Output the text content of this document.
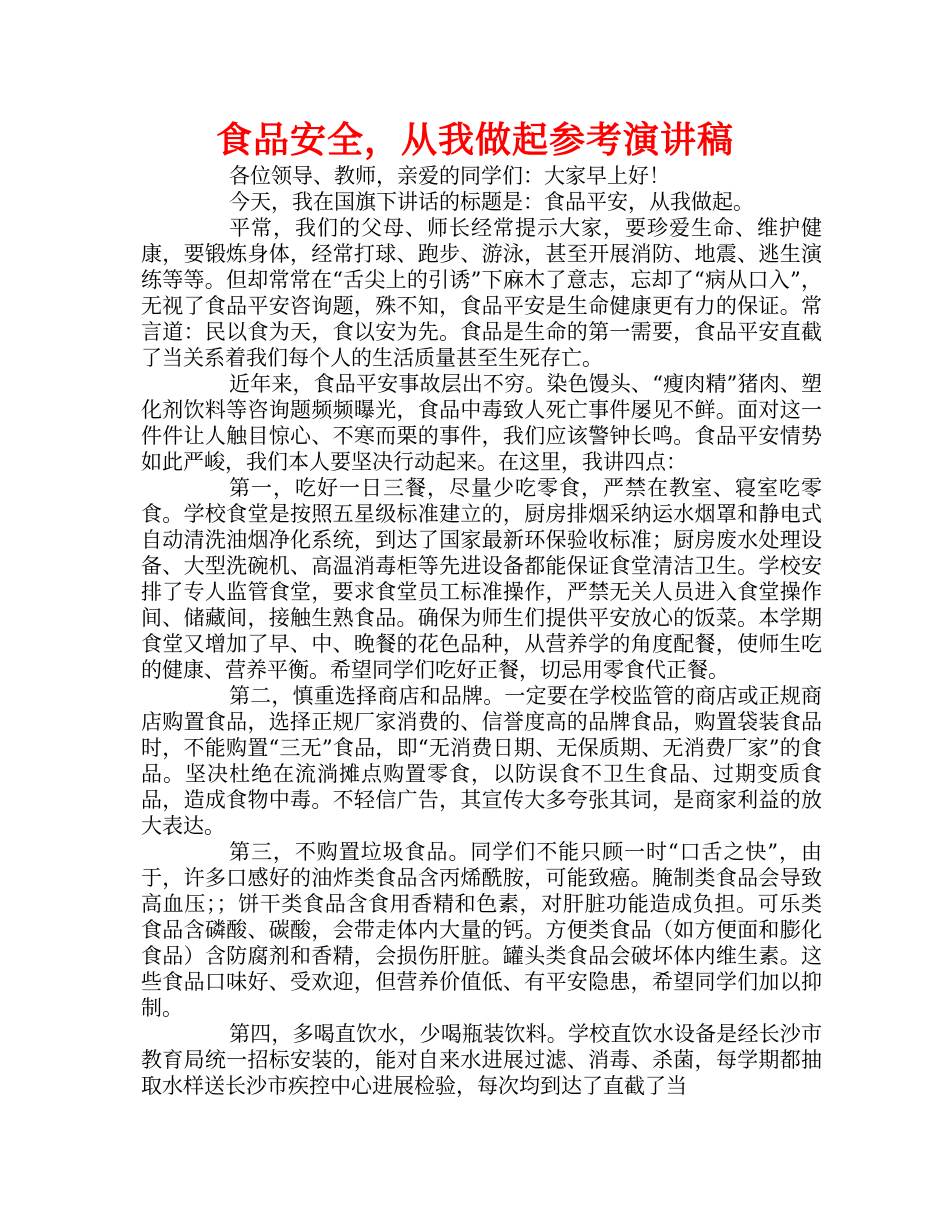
食品安全，从我做起参考演讲稿

各位领导、教师，亲爱的同学们：大家早上好！

今天，我在国旗下讲话的标题是：食品平安，从我做起。

平常，我们的父母、师长经常提示大家，要珍爱生命、维护健康，要锻炼身体，经常打球、跑步、游泳，甚至开展消防、地震、逃生演练等等。但却常常在“舌尖上的引诱”下麻木了意志，忘却了“病从口入”，无视了食品平安咨询题，殊不知，食品平安是生命健康更有力的保证。常言道：民以食为天，食以安为先。食品是生命的第一需要，食品平安直截了当关系着我们每个人的生活质量甚至生死存亡。

近年来，食品平安事故层出不穷。染色馒头、“瘦肉精”猪肉、塑化剂饮料等咨询题频频曝光，食品中毒致人死亡事件屡见不鲜。面对这一件件让人触目惊心、不寒而栗的事件，我们应该警钟长鸣。食品平安情势如此严峻，我们本人要坚决行动起来。在这里，我讲四点：

第一，吃好一日三餐，尽量少吃零食，严禁在教室、寝室吃零食。学校食堂是按照五星级标准建立的，厨房排烟采纳运水烟罩和静电式自动清洗油烟净化系统，到达了国家最新环保验收标准；厨房废水处理设备、大型洗碗机、高温消毒柜等先进设备都能保证食堂清洁卫生。学校安排了专人监管食堂，要求食堂员工标准操作，严禁无关人员进入食堂操作间、储藏间，接触生熟食品。确保为师生们提供平安放心的饭菜。本学期食堂又增加了早、中、晚餐的花色品种，从营养学的角度配餐，使师生吃的健康、营养平衡。希望同学们吃好正餐，切忌用零食代正餐。

第二，慎重选择商店和品牌。一定要在学校监管的商店或正规商店购置食品，选择正规厂家消费的、信誉度高的品牌食品，购置袋装食品时，不能购置“三无”食品，即“无消费日期、无保质期、无消费厂家”的食品。坚决杜绝在流淌摊点购置零食，以防误食不卫生食品、过期变质食品，造成食物中毒。不轻信广告，其宣传大多夸张其词，是商家利益的放大表达。

第三，不购置垃圾食品。同学们不能只顾一时“口舌之快”，由于，许多口感好的油炸类食品含丙烯酰胺，可能致癌。腌制类食品会导致高血压；；饼干类食品含食用香精和色素，对肝脏功能造成负担。可乐类食品含磷酸、碳酸，会带走体内大量的钙。方便类食品（如方便面和膨化食品）含防腐剂和香精，会损伤肝脏。罐头类食品会破坏体内维生素。这些食品口味好、受欢迎，但营养价值低、有平安隐患，希望同学们加以抑制。

第四，多喝直饮水，少喝瓶装饮料。学校直饮水设备是经长沙市教育局统一招标安装的，能对自来水进展过滤、消毒、杀菌，每学期都抽取水样送长沙市疾控中心进展检验，每次均到达了直截了当
